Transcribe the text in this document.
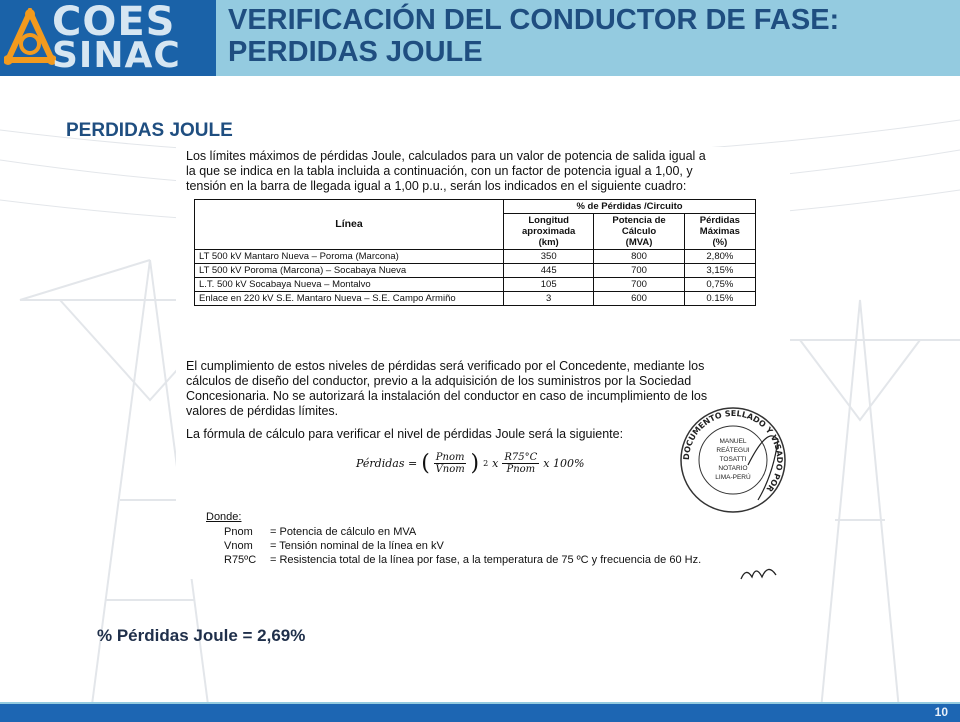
COES
SINAC
VERIFICACIÓN DEL CONDUCTOR DE FASE:
PERDIDAS JOULE
PERDIDAS JOULE
Los límites máximos de pérdidas Joule, calculados para un valor de potencia de salida igual a
la que se indica en la tabla incluida a continuación, con un factor de potencia igual a 1,00, y
tensión en la barra de llegada igual a 1,00 p.u., serán los indicados en el siguiente cuadro:
Línea	% de Pérdidas /Circuito		
	Longitud
aproximada
(km)	Potencia de
Cálculo
(MVA)	Pérdidas
Máximas
(%)
LT 500 kV Mantaro Nueva – Poroma (Marcona)	350	800	2,80%
LT 500 kV Poroma (Marcona) – Socabaya Nueva	445	700	3,15%
L.T. 500 kV Socabaya Nueva – Montalvo	105	700	0,75%
Enlace en 220 kV S.E. Mantaro Nueva – S.E. Campo Armiño	3	600	0.15%
El cumplimiento de estos niveles de pérdidas será verificado por el Concedente, mediante los
cálculos de diseño del conductor, previo a la adquisición de los suministros por la Sociedad
Concesionaria. No se autorizará la instalación del conductor en caso de incumplimiento de los
valores de pérdidas límites.
La fórmula de cálculo para verificar el nivel de pérdidas Joule será la siguiente:
Pérdidas = ( $\frac{\text{Pnom}}{\text{Vnom}}$ ) 2 x $\frac{R75^\circ C}{\text{Pnom}}$ x 100%
Donde:
Pnom	= Potencia de cálculo en MVA
Vnom	= Tensión nominal de la línea en kV
R75ºC	= Resistencia total de la línea por fase, a la temperatura de 75 ºC y frecuencia de 60 Hz.
DOCUMENTO SELLADO Y VISADO POR
MANUEL
REÁTEGUI
TOSATTI
NOTARIO
LIMA-PERÚ
% Pérdidas Joule = 2,69%
10
